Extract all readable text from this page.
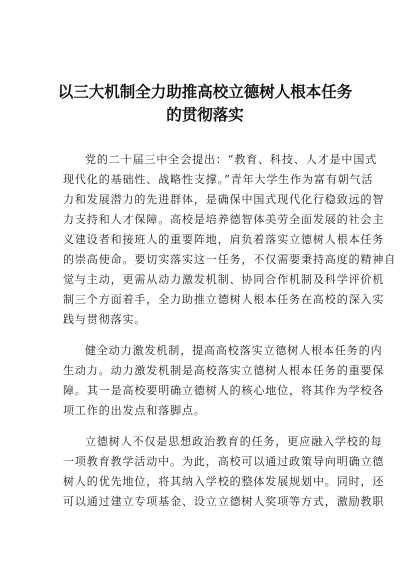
以三大机制全力助推高校立德树人根本任务
的贯彻落实
党的二十届三中全会提出：“教育、科技、人才是中国式
现代化的基础性、战略性支撑。”青年大学生作为富有朝气活
力和发展潜力的先进群体，是确保中国式现代化行稳致远的智
力支持和人才保障。高校是培养德智体美劳全面发展的社会主
义建设者和接班人的重要阵地，肩负着落实立德树人根本任务
的崇高使命。要切实落实这一任务，不仅需要秉持高度的精神自
觉与主动，更需从动力激发机制、协同合作机制及科学评价机
制三个方面着手，全力助推立德树人根本任务在高校的深入实
践与贯彻落实。
健全动力激发机制，提高高校落实立德树人根本任务的内
生动力。动力激发机制是高校落实立德树人根本任务的重要保
障。其一是高校要明确立德树人的核心地位，将其作为学校各
项工作的出发点和落脚点。
立德树人不仅是思想政治教育的任务，更应融入学校的每
一项教育教学活动中。为此，高校可以通过政策导向明确立德
树人的优先地位，将其纳入学校的整体发展规划中。同时，还
可以通过建立专项基金、设立立德树人奖项等方式，激励教职
